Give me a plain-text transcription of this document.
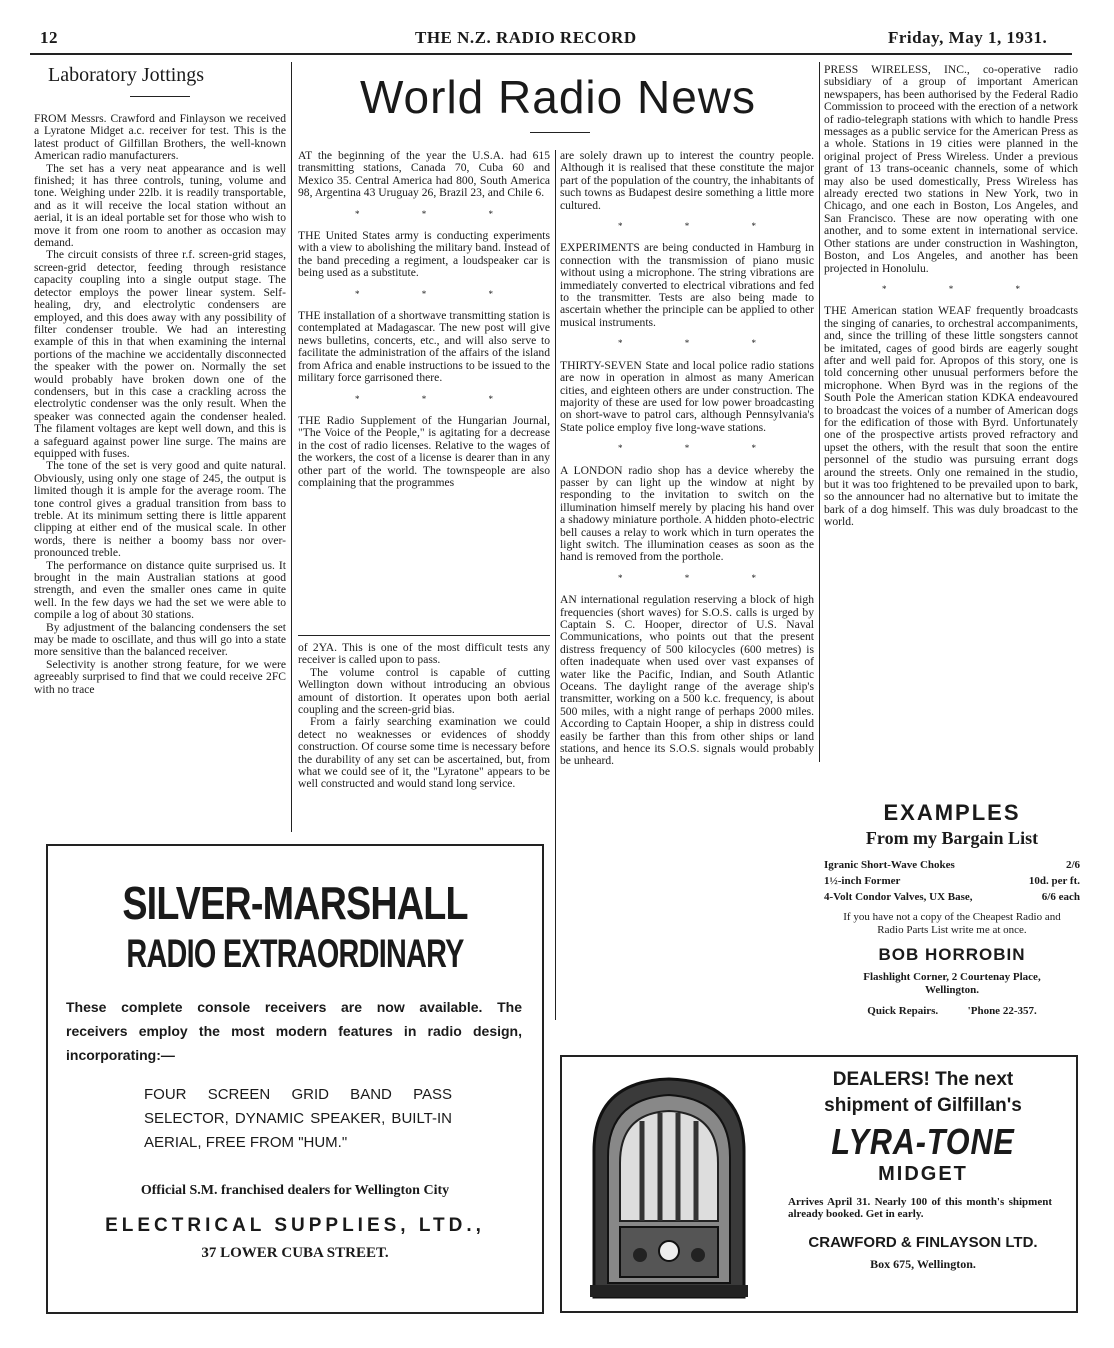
12	THE N.Z. RADIO RECORD	Friday, May 1, 1931.
Laboratory Jottings

FROM Messrs. Crawford and Finlayson we received a Lyratone Midget a.c. receiver for test. This is the latest product of Gilfillan Brothers, the well-known American radio manufacturers.

The set has a very neat appearance and is well finished; it has three controls, tuning, volume and tone. Weighing under 22lb. it is readily transportable, and as it will receive the local station without an aerial, it is an ideal portable set for those who wish to move it from one room to another as occasion may demand.

The circuit consists of three r.f. screen-grid stages, screen-grid detector, feeding through resistance capacity coupling into a single output stage. The detector employs the power linear system. Self-healing, dry, and electrolytic condensers are employed, and this does away with any possibility of filter condenser trouble. We had an interesting example of this in that when examining the internal portions of the machine we accidentally disconnected the speaker with the power on. Normally the set would probably have broken down one of the condensers, but in this case a crackling across the electrolytic condenser was the only result. When the speaker was connected again the condenser healed. The filament voltages are kept well down, and this is a safeguard against power line surge. The mains are equipped with fuses.

The tone of the set is very good and quite natural. Obviously, using only one stage of 245, the output is limited though it is ample for the average room. The tone control gives a gradual transition from bass to treble. At its minimum setting there is little apparent clipping at either end of the musical scale. In other words, there is neither a boomy bass nor over-pronounced treble.

The performance on distance quite surprised us. It brought in the main Australian stations at good strength, and even the smaller ones came in quite well. In the few days we had the set we were able to compile a log of about 30 stations.

By adjustment of the balancing condensers the set may be made to oscillate, and thus will go into a state more sensitive than the balanced receiver.

Selectivity is another strong feature, for we were agreeably surprised to find that we could receive 2FC with no trace

World Radio News

AT the beginning of the year the U.S.A. had 615 transmitting stations, Canada 70, Cuba 60 and Mexico 35. Central America had 800, South America 98, Argentina 43 Uruguay 26, Brazil 23, and Chile 6.

* * *

THE United States army is conducting experiments with a view to abolishing the military band. Instead of the band preceding a regiment, a loudspeaker car is being used as a substitute.

* * *

THE installation of a shortwave transmitting station is contemplated at Madagascar. The new post will give news bulletins, concerts, etc., and will also serve to facilitate the administration of the affairs of the island from Africa and enable instructions to be issued to the military force garrisoned there.

* * *

THE Radio Supplement of the Hungarian Journal, "The Voice of the People," is agitating for a decrease in the cost of radio licenses. Relative to the wages of the workers, the cost of a license is dearer than in any other part of the world. The townspeople are also complaining that the programmes

of 2YA. This is one of the most difficult tests any receiver is called upon to pass.

The volume control is capable of cutting Wellington down without introducing an obvious amount of distortion. It operates upon both aerial coupling and the screen-grid bias.

From a fairly searching examination we could detect no weaknesses or evidences of shoddy construction. Of course some time is necessary before the durability of any set can be ascertained, but, from what we could see of it, the "Lyratone" appears to be well constructed and would stand long service.

are solely drawn up to interest the country people. Although it is realised that these constitute the major part of the population of the country, the inhabitants of such towns as Budapest desire something a little more cultured.

* * *

EXPERIMENTS are being conducted in Hamburg in connection with the transmission of piano music without using a microphone. The string vibrations are immediately converted to electrical vibrations and fed to the transmitter. Tests are also being made to ascertain whether the principle can be applied to other musical instruments.

* * *

THIRTY-SEVEN State and local police radio stations are now in operation in almost as many American cities, and eighteen others are under construction. The majority of these are used for low power broadcasting on short-wave to patrol cars, although Pennsylvania's State police employ five long-wave stations.

* * *

A LONDON radio shop has a device whereby the passer by can light up the window at night by responding to the invitation to switch on the illumination himself merely by placing his hand over a shadowy miniature porthole. A hidden photo-electric bell causes a relay to work which in turn operates the light switch. The illumination ceases as soon as the hand is removed from the porthole.

* * *

AN international regulation reserving a block of high frequencies (short waves) for S.O.S. calls is urged by Captain S. C. Hooper, director of U.S. Naval Communications, who points out that the present distress frequency of 500 kilocycles (600 metres) is often inadequate when used over vast expanses of water like the Pacific, Indian, and South Atlantic Oceans. The daylight range of the average ship's transmitter, working on a 500 k.c. frequency, is about 500 miles, with a night range of perhaps 2000 miles. According to Captain Hooper, a ship in distress could easily be farther than this from other ships or land stations, and hence its S.O.S. signals would probably be unheard.

PRESS WIRELESS, INC., co-operative radio subsidiary of a group of important American newspapers, has been authorised by the Federal Radio Commission to proceed with the erection of a network of radio-telegraph stations with which to handle Press messages as a public service for the American Press as a whole. Stations in 19 cities were planned in the original project of Press Wireless. Under a previous grant of 13 trans-oceanic channels, some of which may also be used domestically, Press Wireless has already erected two stations in New York, two in Chicago, and one each in Boston, Los Angeles, and San Francisco. These are now operating with one another, and to some extent in international service. Other stations are under construction in Washington, Boston, and Los Angeles, and another has been projected in Honolulu.

* * *

THE American station WEAF frequently broadcasts the singing of canaries, to orchestral accompaniments, and, since the trilling of these little songsters cannot be imitated, cages of good birds are eagerly sought after and well paid for. Apropos of this story, one is told concerning other unusual performers before the microphone. When Byrd was in the regions of the South Pole the American station KDKA endeavoured to broadcast the voices of a number of American dogs for the edification of those with Byrd. Unfortunately one of the prospective artists proved refractory and upset the others, with the result that soon the entire personnel of the studio was pursuing errant dogs around the streets. Only one remained in the studio, but it was too frightened to be prevailed upon to bark, so the announcer had no alternative but to imitate the bark of a dog himself. This was duly broadcast to the world.

EXAMPLES
From my Bargain List
Igranic Short-Wave Chokes	2/6
1½-inch Former	10d. per ft.
4-Volt Condor Valves, UX Base,	6/6 each
If you have not a copy of the Cheapest Radio and Radio Parts List write me at once.
BOB HORROBIN
Flashlight Corner, 2 Courtenay Place, Wellington.
Quick Repairs.	'Phone 22-357.
SILVER-MARSHALL
RADIO EXTRAORDINARY
These complete console receivers are now available. The receivers employ the most modern features in radio design, incorporating:—
FOUR SCREEN GRID BAND PASS SELECTOR, DYNAMIC SPEAKER, BUILT-IN AERIAL, FREE FROM "HUM."
Official S.M. franchised dealers for Wellington City
ELECTRICAL SUPPLIES, LTD.,
37 LOWER CUBA STREET.
DEALERS! The next
shipment of Gilfillan's
LYRA-TONE
MIDGET
Arrives April 31. Nearly 100 of this month's shipment already booked. Get in early.
CRAWFORD & FINLAYSON LTD.
Box 675, Wellington.
